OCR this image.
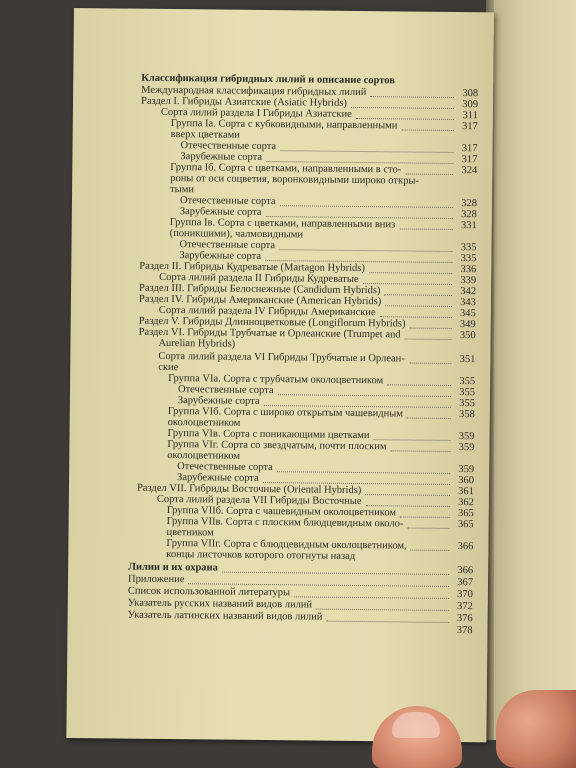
Классификация гибридных лилий и описание сортов
Международная классификация гибридных лилий	308
Раздел I. Гибриды Азиатские (Asiatic Hybrids)	309
Сорта лилий раздела I Гибриды Азиатские	311
Группа Iа. Сорта с кубковидными, направленными	317
вверх цветками
Отечественные сорта	317
Зарубежные сорта	317
Группа Iб. Сорта с цветками, направленными в сто-	324
роны от оси соцветия, воронковидными широко откры-
тыми
Отечественные сорта	328
Зарубежные сорта	328
Группа Iв. Сорта с цветками, направленными вниз	331
(поникшими), чалмовидными
Отечественные сорта	335
Зарубежные сорта	335
Раздел II. Гибриды Кудреватые (Martagon Hybrids)	336
Сорта лилий раздела II Гибриды Кудреватые	339
Раздел III. Гибриды Белоснежные (Candidum Hybrids)	342
Раздел IV. Гибриды Американские (American Hybrids)	343
Сорта лилий раздела IV Гибриды Американские	345
Раздел V. Гибриды Длинноцветковые (Longiflorum Hybrids)	349
Раздел VI. Гибриды Трубчатые и Орлеанские (Trumpet and	350
Aurelian Hybrids)
Сорта лилий раздела VI Гибриды Трубчатые и Орлеан-	351
ские
Группа VIа. Сорта с трубчатым околоцветником	355
Отечественные сорта	355
Зарубежные сорта	355
Группа VIб. Сорта с широко открытым чашевидным	358
околоцветником
Группа VIв. Сорта с поникающими цветками	359
Группа VIг. Сорта со звездчатым, почти плоским	359
околоцветником
Отечественные сорта	359
Зарубежные сорта	360
Раздел VII. Гибриды Восточные (Oriental Hybrids)	361
Сорта лилий раздела VII Гибриды Восточные	362
Группа VIIб. Сорта с чашевидным околоцветником	365
Группа VIIв. Сорта с плоским блюдцевидным около-	365
цветником
Группа VIIг. Сорта с блюдцевидным околоцветником,	366
концы листочков которого отогнуты назад
Лилии и их охрана	366
Приложение	367
Список использованной литературы	370
Указатель русских названий видов лилий	372
Указатель латинских названий видов лилий	376
378
